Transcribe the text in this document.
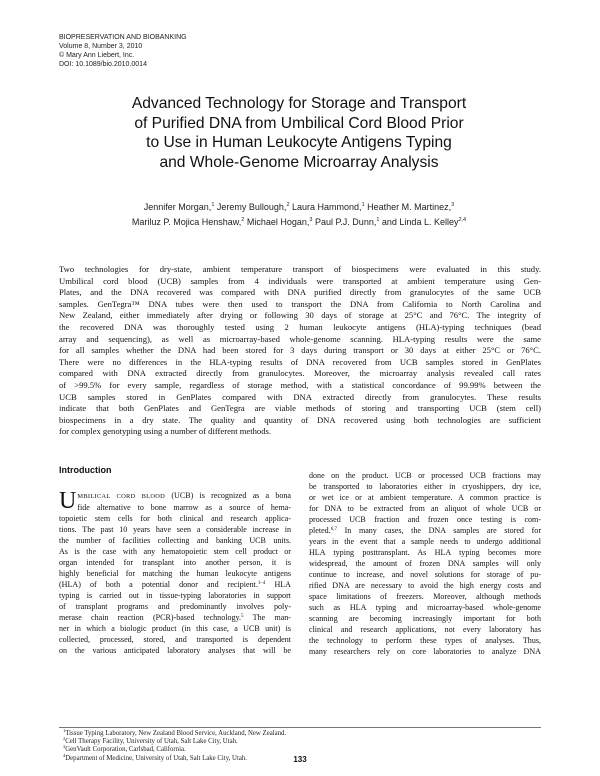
BIOPRESERVATION AND BIOBANKING
Volume 8, Number 3, 2010
© Mary Ann Liebert, Inc.
DOI: 10.1089/bio.2010.0014
Advanced Technology for Storage and Transport
of Purified DNA from Umbilical Cord Blood Prior
to Use in Human Leukocyte Antigens Typing
and Whole-Genome Microarray Analysis
Jennifer Morgan,$^1$ Jeremy Bullough,$^2$ Laura Hammond,$^1$ Heather M. Martinez,$^3$
Mariluz P. Mojica Henshaw,$^2$ Michael Hogan,$^3$ Paul P.J. Dunn,$^1$ and Linda L. Kelley$^{2,4}$
Two technologies for dry-state, ambient temperature transport of biospecimens were evaluated in this study.
Umbilical cord blood (UCB) samples from 4 individuals were transported at ambient temperature using Gen-
Plates, and the DNA recovered was compared with DNA purified directly from granulocytes of the same UCB
samples. GenTegra™ DNA tubes were then used to transport the DNA from California to North Carolina and
New Zealand, either immediately after drying or following 30 days of storage at 25°C and 76°C. The integrity of
the recovered DNA was thoroughly tested using 2 human leukocyte antigens (HLA)-typing techniques (bead
array and sequencing), as well as microarray-based whole-genome scanning. HLA-typing results were the same
for all samples whether the DNA had been stored for 3 days during transport or 30 days at either 25°C or 76°C.
There were no differences in the HLA-typing results of DNA recovered from UCB samples stored in GenPlates
compared with DNA extracted directly from granulocytes. Moreover, the microarray analysis revealed call rates
of >99.5% for every sample, regardless of storage method, with a statistical concordance of 99.99% between the
UCB samples stored in GenPlates compared with DNA extracted directly from granulocytes. These results
indicate that both GenPlates and GenTegra are viable methods of storing and transporting UCB (stem cell)
biospecimens in a dry state. The quality and quantity of DNA recovered using both technologies are sufficient
for complex genotyping using a number of different methods.
Introduction
U MBILICAL CORD BLOOD (UCB) is recognized as a bona
fide alternative to bone marrow as a source of hema-
topoietic stem cells for both clinical and research applica-
tions. The past 10 years have seen a considerable increase in
the number of facilities collecting and banking UCB units.
As is the case with any hematopoietic stem cell product or
organ intended for transplant into another person, it is
highly beneficial for matching the human leukocyte antigens
(HLA) of both a potential donor and recipient.$^{1-4}$ HLA
typing is carried out in tissue-typing laboratories in support
of transplant programs and predominantly involves poly-
merase chain reaction (PCR)-based technology.$^5$ The man-
ner in which a biologic product (in this case, a UCB unit) is
collected, processed, stored, and transported is dependent
on the various anticipated laboratory analyses that will be
done on the product. UCB or processed UCB fractions may
be transported to laboratories either in cryoshippers, dry ice,
or wet ice or at ambient temperature. A common practice is
for DNA to be extracted from an aliquot of whole UCB or
processed UCB fraction and frozen once testing is com-
pleted.$^{6,7}$ In many cases, the DNA samples are stored for
years in the event that a sample needs to undergo additional
HLA typing posttransplant. As HLA typing becomes more
widespread, the amount of frozen DNA samples will only
continue to increase, and novel solutions for storage of pu-
rified DNA are necessary to avoid the high energy costs and
space limitations of freezers. Moreover, although methods
such as HLA typing and microarray-based whole-genome
scanning are becoming increasingly important for both
clinical and research applications, not every laboratory has
the technology to perform these types of analyses. Thus,
many researchers rely on core laboratories to analyze DNA
$^1$Tissue Typing Laboratory, New Zealand Blood Service, Auckland, New Zealand.
$^2$Cell Therapy Facility, University of Utah, Salt Lake City, Utah.
$^3$GenVault Corporation, Carlsbad, California.
$^4$Department of Medicine, University of Utah, Salt Lake City, Utah.	133
